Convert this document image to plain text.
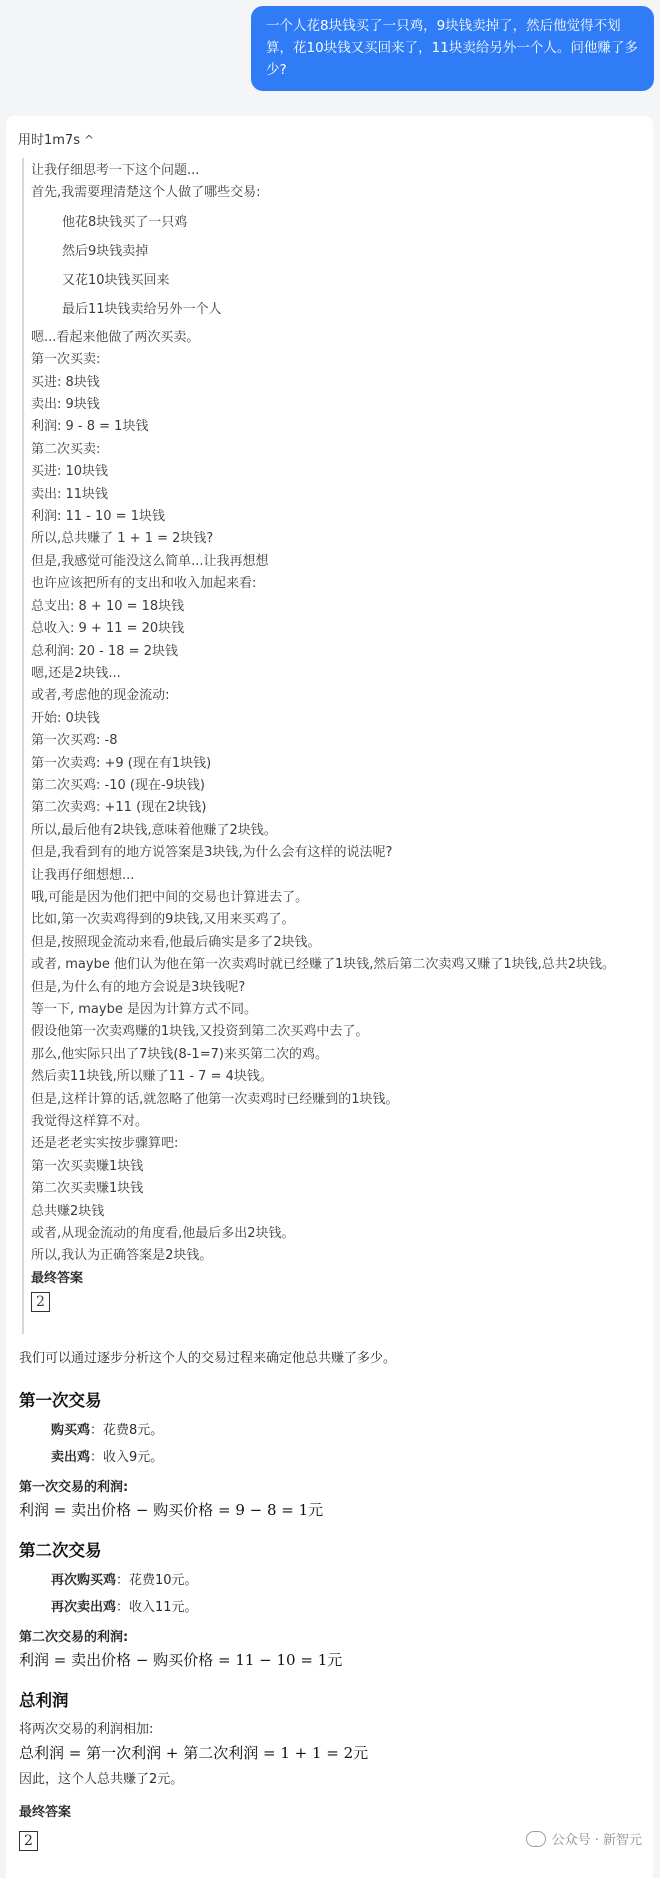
一个人花8块钱买了一只鸡，9块钱卖掉了，然后他觉得不划算，花10块钱又买回来了，11块卖给另外一个人。问他赚了多少?
用时1m7s ^
让我仔细思考一下这个问题...
首先,我需要理清楚这个人做了哪些交易:
他花8块钱买了一只鸡
然后9块钱卖掉
又花10块钱买回来
最后11块钱卖给另外一个人
嗯...看起来他做了两次买卖。
第一次买卖:
买进: 8块钱
卖出: 9块钱
利润: 9 - 8 = 1块钱
第二次买卖:
买进: 10块钱
卖出: 11块钱
利润: 11 - 10 = 1块钱
所以,总共赚了 1 + 1 = 2块钱?
但是,我感觉可能没这么简单...让我再想想
也许应该把所有的支出和收入加起来看:
总支出: 8 + 10 = 18块钱
总收入: 9 + 11 = 20块钱
总利润: 20 - 18 = 2块钱
嗯,还是2块钱...
或者,考虑他的现金流动:
开始: 0块钱
第一次买鸡: -8
第一次卖鸡: +9 (现在有1块钱)
第二次买鸡: -10 (现在-9块钱)
第二次卖鸡: +11 (现在2块钱)
所以,最后他有2块钱,意味着他赚了2块钱。
但是,我看到有的地方说答案是3块钱,为什么会有这样的说法呢?
让我再仔细想想...
哦,可能是因为他们把中间的交易也计算进去了。
比如,第一次卖鸡得到的9块钱,又用来买鸡了。
但是,按照现金流动来看,他最后确实是多了2块钱。
或者, maybe 他们认为他在第一次卖鸡时就已经赚了1块钱,然后第二次卖鸡又赚了1块钱,总共2块钱。
但是,为什么有的地方会说是3块钱呢?
等一下, maybe 是因为计算方式不同。
假设他第一次卖鸡赚的1块钱,又投资到第二次买鸡中去了。
那么,他实际只出了7块钱(8-1=7)来买第二次的鸡。
然后卖11块钱,所以赚了11 - 7 = 4块钱。
但是,这样计算的话,就忽略了他第一次卖鸡时已经赚到的1块钱。
我觉得这样算不对。
还是老老实实按步骤算吧:
第一次买卖赚1块钱
第二次买卖赚1块钱
总共赚2块钱
或者,从现金流动的角度看,他最后多出2块钱。
所以,我认为正确答案是2块钱。
最终答案
2
我们可以通过逐步分析这个人的交易过程来确定他总共赚了多少。
第一次交易
购买鸡：花费8元。
卖出鸡：收入9元。
第一次交易的利润:
利润 = 卖出价格 − 购买价格 = 9 − 8 = 1元
第二次交易
再次购买鸡：花费10元。
再次卖出鸡：收入11元。
第二次交易的利润:
利润 = 卖出价格 − 购买价格 = 11 − 10 = 1元
总利润
将两次交易的利润相加:
总利润 = 第一次利润 + 第二次利润 = 1 + 1 = 2元
因此，这个人总共赚了2元。
最终答案
2	公众号 · 新智元
